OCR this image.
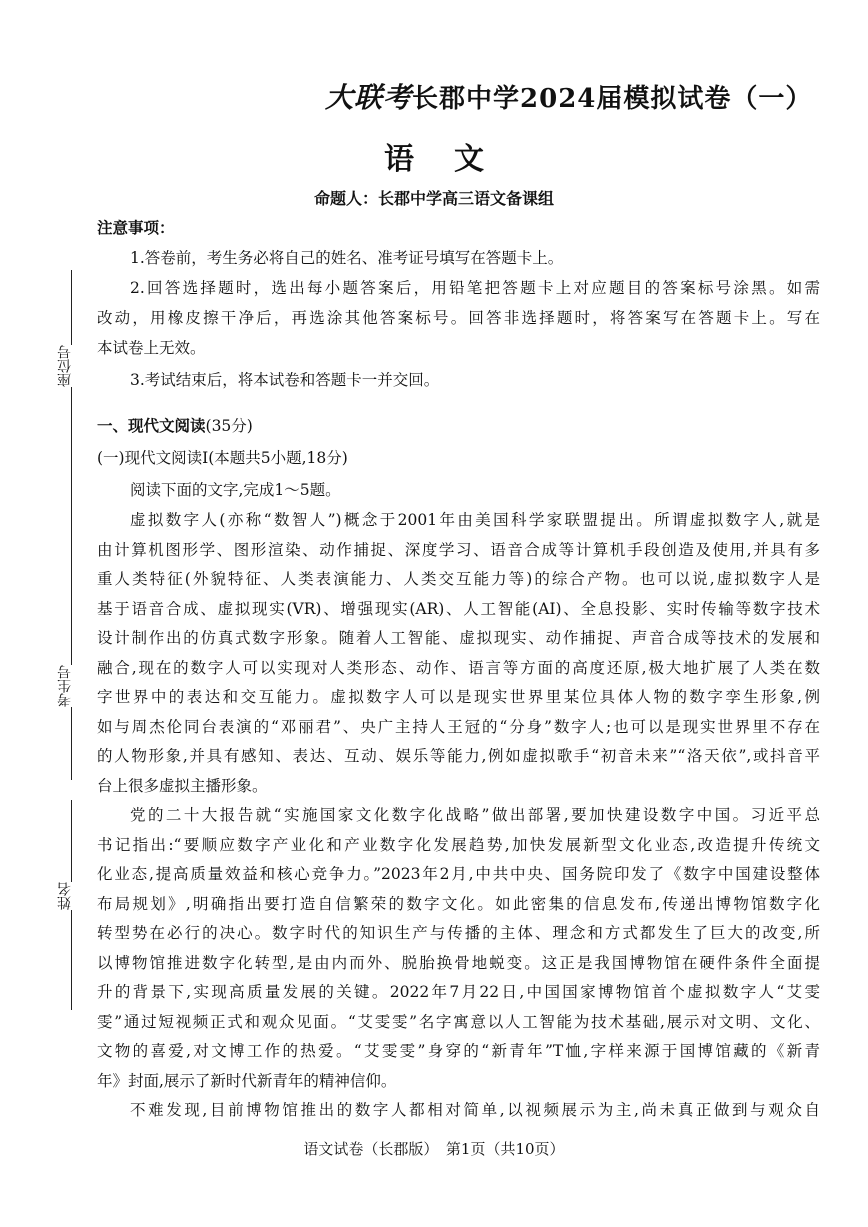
座位号
考生号
姓名
大联考长郡中学2024届模拟试卷（一）
语文
命题人：长郡中学高三语文备课组
注意事项：
1.答卷前，考生务必将自己的姓名、准考证号填写在答题卡上。
2.回答选择题时，选出每小题答案后，用铅笔把答题卡上对应题目的答案标号涂黑。如需
改动，用橡皮擦干净后，再选涂其他答案标号。回答非选择题时，将答案写在答题卡上。写在
本试卷上无效。
3.考试结束后，将本试卷和答题卡一并交回。
一、现代文阅读(35分)
(一)现代文阅读Ⅰ(本题共5小题,18分)
阅读下面的文字,完成1～5题。
虚拟数字人(亦称“数智人”)概念于2001年由美国科学家联盟提出。所谓虚拟数字人,就是
由计算机图形学、图形渲染、动作捕捉、深度学习、语音合成等计算机手段创造及使用,并具有多
重人类特征(外貌特征、人类表演能力、人类交互能力等)的综合产物。也可以说,虚拟数字人是
基于语音合成、虚拟现实(VR)、增强现实(AR)、人工智能(AI)、全息投影、实时传输等数字技术
设计制作出的仿真式数字形象。随着人工智能、虚拟现实、动作捕捉、声音合成等技术的发展和
融合,现在的数字人可以实现对人类形态、动作、语言等方面的高度还原,极大地扩展了人类在数
字世界中的表达和交互能力。虚拟数字人可以是现实世界里某位具体人物的数字孪生形象,例
如与周杰伦同台表演的“邓丽君”、央广主持人王冠的“分身”数字人;也可以是现实世界里不存在
的人物形象,并具有感知、表达、互动、娱乐等能力,例如虚拟歌手“初音未来”“洛天依”,或抖音平
台上很多虚拟主播形象。
党的二十大报告就“实施国家文化数字化战略”做出部署,要加快建设数字中国。习近平总
书记指出:“要顺应数字产业化和产业数字化发展趋势,加快发展新型文化业态,改造提升传统文
化业态,提高质量效益和核心竞争力。”2023年2月,中共中央、国务院印发了《数字中国建设整体
布局规划》,明确指出要打造自信繁荣的数字文化。如此密集的信息发布,传递出博物馆数字化
转型势在必行的决心。数字时代的知识生产与传播的主体、理念和方式都发生了巨大的改变,所
以博物馆推进数字化转型,是由内而外、脱胎换骨地蜕变。这正是我国博物馆在硬件条件全面提
升的背景下,实现高质量发展的关键。2022年7月22日,中国国家博物馆首个虚拟数字人“艾雯
雯”通过短视频正式和观众见面。“艾雯雯”名字寓意以人工智能为技术基础,展示对文明、文化、
文物的喜爱,对文博工作的热爱。“艾雯雯”身穿的“新青年”T恤,字样来源于国博馆藏的《新青
年》封面,展示了新时代新青年的精神信仰。
不难发现,目前博物馆推出的数字人都相对简单,以视频展示为主,尚未真正做到与观众自
语文试卷（长郡版）　第1页（共10页）
